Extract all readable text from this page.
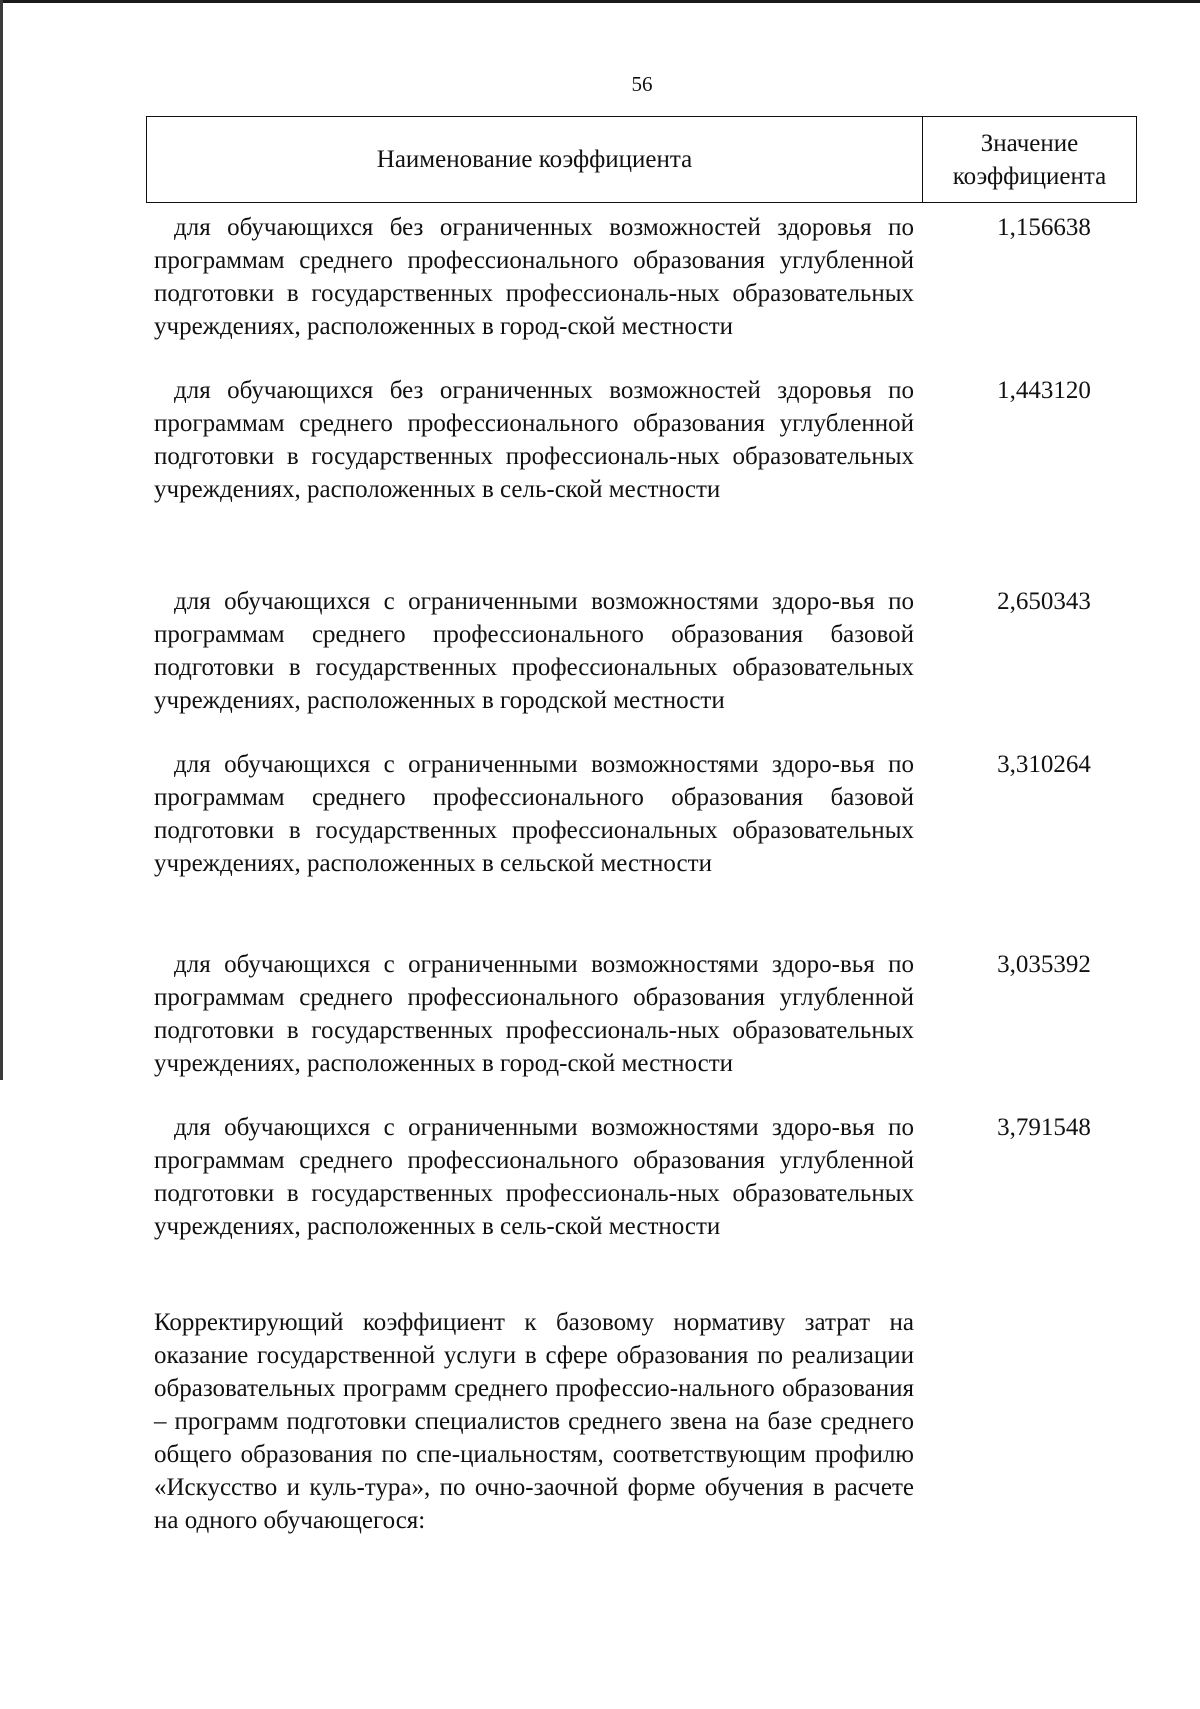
56
Наименование коэффициента
Значение коэффициента
для обучающихся без ограниченных возможностей здоровья по программам среднего профессионального образования углубленной подготовки в государственных профессиональ-ных образовательных учреждениях, расположенных в город-ской местности
1,156638
для обучающихся без ограниченных возможностей здоровья по программам среднего профессионального образования углубленной подготовки в государственных профессиональ-ных образовательных учреждениях, расположенных в сель-ской местности
1,443120
для обучающихся с ограниченными возможностями здоро-вья по программам среднего профессионального образования базовой подготовки в государственных профессиональных образовательных учреждениях, расположенных в городской местности
2,650343
для обучающихся с ограниченными возможностями здоро-вья по программам среднего профессионального образования базовой подготовки в государственных профессиональных образовательных учреждениях, расположенных в сельской местности
3,310264
для обучающихся с ограниченными возможностями здоро-вья по программам среднего профессионального образования углубленной подготовки в государственных профессиональ-ных образовательных учреждениях, расположенных в город-ской местности
3,035392
для обучающихся с ограниченными возможностями здоро-вья по программам среднего профессионального образования углубленной подготовки в государственных профессиональ-ных образовательных учреждениях, расположенных в сель-ской местности
3,791548
Корректирующий коэффициент к базовому нормативу затрат на оказание государственной услуги в сфере образования по реализации образовательных программ среднего профессио-нального образования – программ подготовки специалистов среднего звена на базе среднего общего образования по спе-циальностям, соответствующим профилю «Искусство и куль-тура», по очно-заочной форме обучения в расчете на одного обучающегося:
